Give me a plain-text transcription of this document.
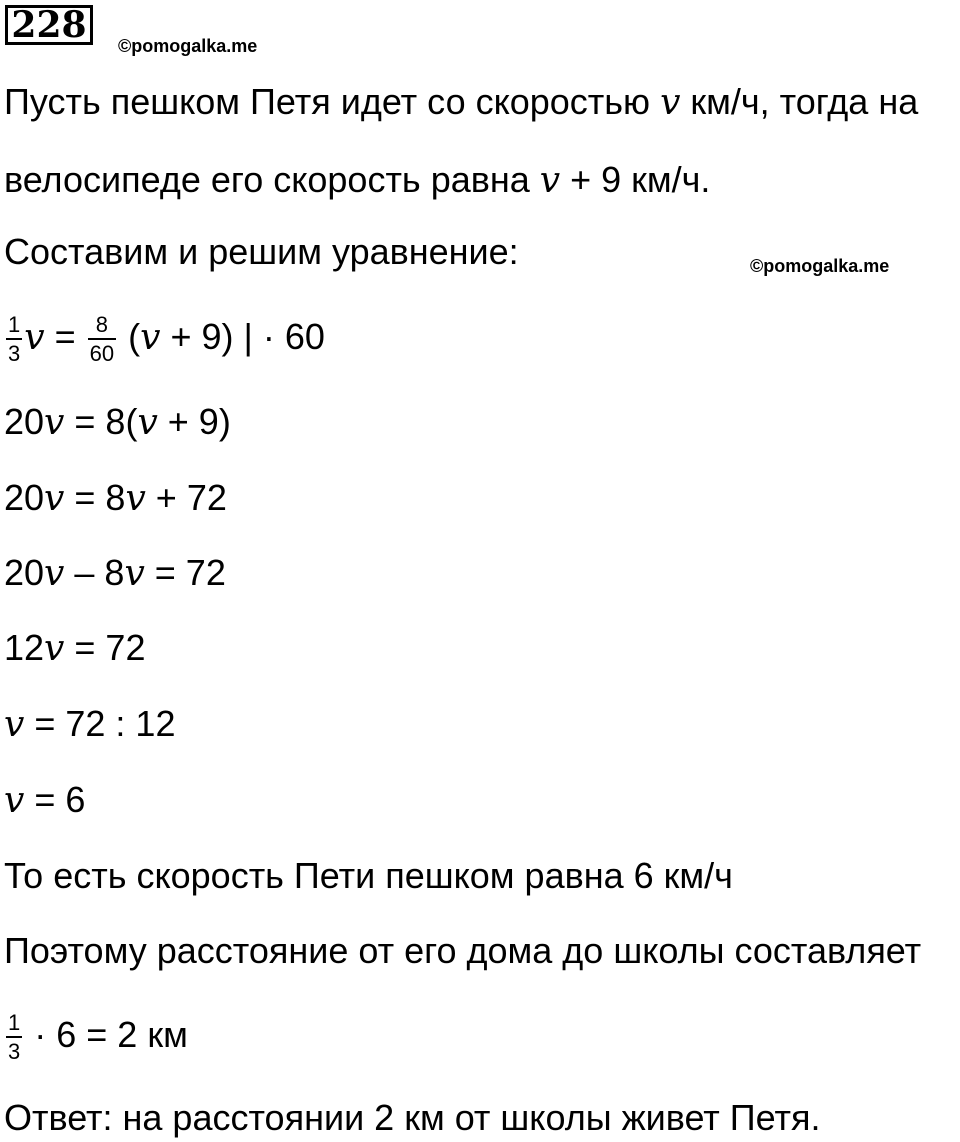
228	©pomogalka.me
©pomogalka.me
Пусть пешком Петя идет со скоростью v км/ч, тогда на
велосипеде его скорость равна v + 9 км/ч.
Составим и решим уравнение:
$\frac{1}{3}$ $v = \frac{8}{60} (v + 9)$ | · 60
20v = 8(v + 9)
20v = 8v + 72
20v – 8v = 72
12v = 72
v = 72 : 12
v = 6
То есть скорость Пети пешком равна 6 км/ч
Поэтому расстояние от его дома до школы составляет
$\frac{1}{3} \cdot 6 = 2$ км
Ответ: на расстоянии 2 км от школы живет Петя.
